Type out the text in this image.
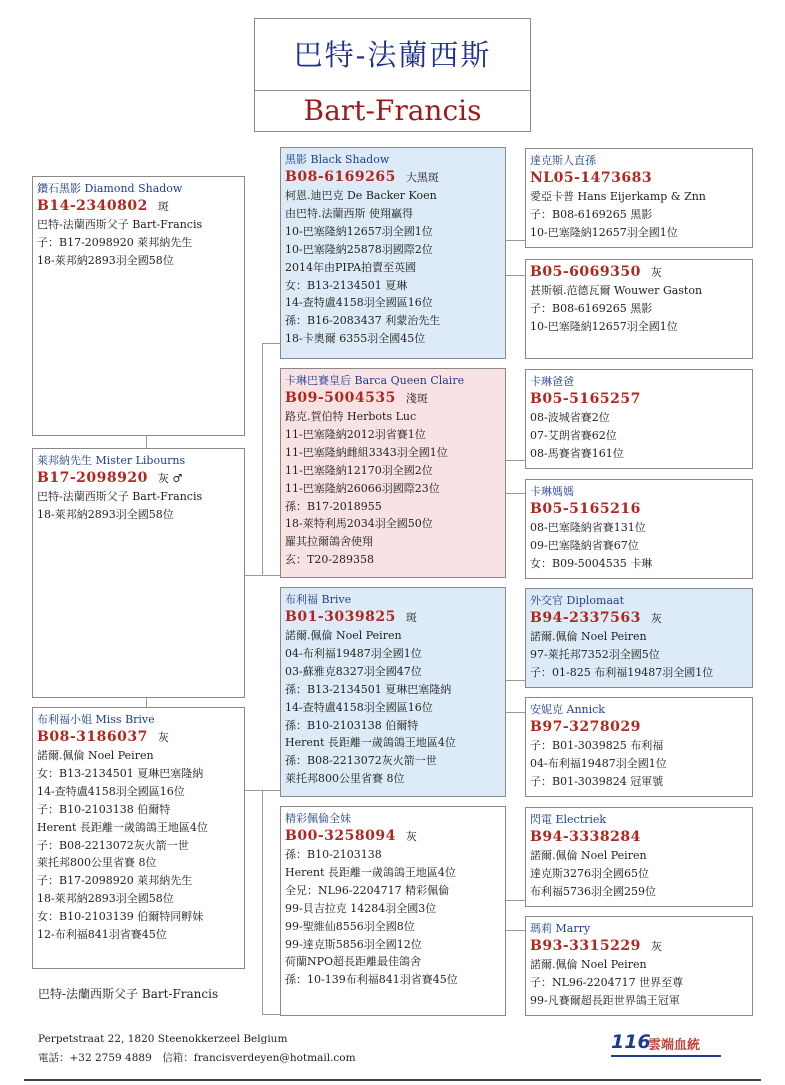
巴特-法蘭西斯
Bart-Francis
鑽石黑影 Diamond Shadow
B14-2340802 斑
巴特-法蘭西斯父子 Bart-Francis
子：B17-2098920 萊邦納先生
18-萊邦納2893羽全國58位
萊邦納先生 Mister Libourns
B17-2098920 灰 ♂
巴特-法蘭西斯父子 Bart-Francis
18-萊邦納2893羽全國58位
布利福小姐 Miss Brive
B08-3186037 灰
諾爾.佩倫 Noel Peiren
女：B13-2134501 夏琳巴塞隆納
14-查特盧4158羽全國區16位
子：B10-2103138 伯爾特
Herent 長距離一歲鴿鴿王地區4位
子：B08-2213072灰火箭一世
萊托邦800公里省賽 8位
子：B17-2098920 萊邦納先生
18-萊邦納2893羽全國58位
女：B10-2103139 伯爾特同孵妹
12-布利福841羽省賽45位
黑影 Black Shadow
B08-6169265 大黑斑
柯恩.迪巴克 De Backer Koen
由巴特.法蘭西斯 使翔贏得
10-巴塞隆納12657羽全國1位
10-巴塞隆納25878羽國際2位
2014年由PIPA拍賣至英國
女：B13-2134501 夏琳
14-查特盧4158羽全國區16位
孫：B16-2083437 利蒙治先生
18-卡奧爾 6355羽全國45位
卡琳巴賽皇后 Barca Queen Claire
B09-5004535 淺斑
路克.賀伯特 Herbots Luc
11-巴塞隆納2012羽省賽1位
11-巴塞隆納雌組3343羽全國1位
11-巴塞隆納12170羽全國2位
11-巴塞隆納26066羽國際23位
孫：B17-2018955
18-萊特利馬2034羽全國50位
羅其拉爾鴿舍使翔
玄：T20-289358
布利福 Brive
B01-3039825 斑
諾爾.佩倫 Noel Peiren
04-布利福19487羽全國1位
03-蘇雅克8327羽全國47位
孫：B13-2134501 夏琳巴塞隆納
14-查特盧4158羽全國區16位
孫：B10-2103138 伯爾特
Herent 長距離一歲鴿鴿王地區4位
孫：B08-2213072灰火箭一世
萊托邦800公里省賽 8位
精彩佩倫全妹
B00-3258094 灰
孫：B10-2103138
Herent 長距離一歲鴿鴿王地區4位
全兄：NL96-2204717 精彩佩倫
99-貝吉拉克 14284羽全國3位
99-聖維仙8556羽全國8位
99-達克斯5856羽全國12位
荷蘭NPO超長距離最佳鴿舍
孫：10-139布利福841羽省賽45位
達克斯人直孫
NL05-1473683
愛亞卡普 Hans Eijerkamp & Znn
子：B08-6169265 黑影
10-巴塞隆納12657羽全國1位
B05-6069350 灰
甚斯頓.范德瓦爾 Wouwer Gaston
子：B08-6169265 黑影
10-巴塞隆納12657羽全國1位
卡琳爸爸
B05-5165257
08-波城省賽2位
07-艾朗省賽62位
08-馬賽省賽161位
卡琳媽媽
B05-5165216
08-巴塞隆納省賽131位
09-巴塞隆納省賽67位
女：B09-5004535 卡琳
外交官 Diplomaat
B94-2337563 灰
諾爾.佩倫 Noel Peiren
97-萊托邦7352羽全國5位
子：01-825 布利福19487羽全國1位
安妮克 Annick
B97-3278029
子：B01-3039825 布利福
04-布利福19487羽全國1位
子：B01-3039824 冠軍號
閃電 Electriek
B94-3338284
諾爾.佩倫 Noel Peiren
達克斯3276羽全國65位
布利福5736羽全國259位
瑪莉 Marry
B93-3315229 灰
諾爾.佩倫 Noel Peiren
子：NL96-2204717 世界至尊
99-凡賽爾超長距世界鴿王冠軍
巴特-法蘭西斯父子 Bart-Francis
Perpetstraat 22, 1820 Steenokkerzeel Belgium
電話：+32 2759 4889　信箱：francisverdeyen@hotmail.com
116
雲端血統
